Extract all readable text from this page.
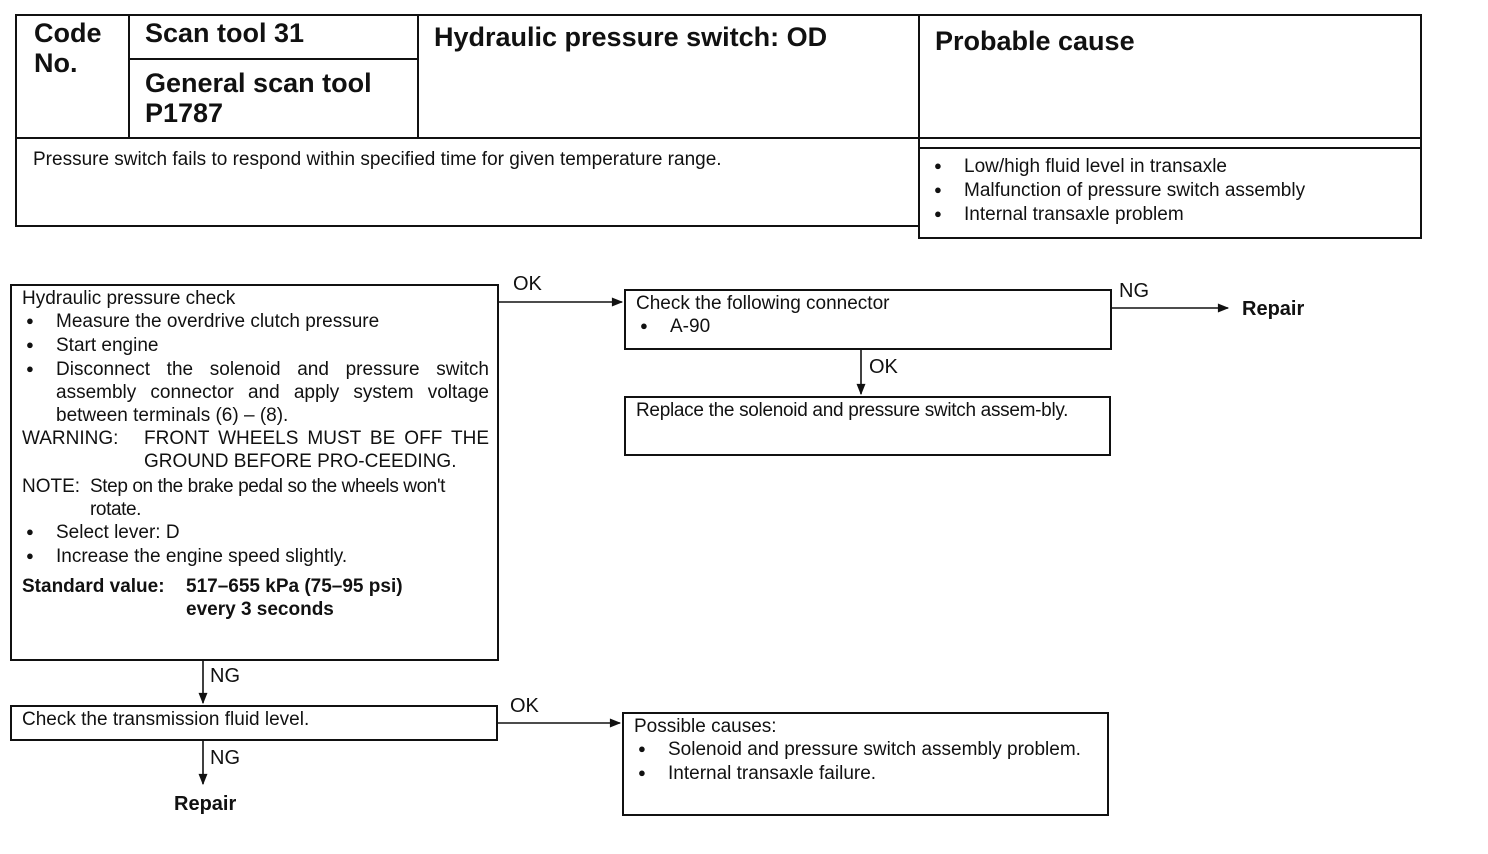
Code
No.
Scan tool 31
General scan tool
P1787
Hydraulic pressure switch: OD	Probable cause
Pressure switch fails to respond within specified time for given temperature range.
●	Low/high fluid level in transaxle
●
Malfunction of pressure switch assembly
●
Internal transaxle problem
Hydraulic pressure check
●
Measure the overdrive clutch pressure
●
Start engine
●
Disconnect the solenoid and pressure switch assembly connector and apply system voltage between terminals (6) – (8).
WARNING:	FRONT WHEELS MUST BE OFF THE GROUND BEFORE PRO-CEEDING.
NOTE: Step on the brake pedal so the wheels won't rotate.
●
Select lever: D
●
Increase the engine speed slightly.
Standard value:	517–655 kPa (75–95 psi)
every 3 seconds
Check the following connector
●
A-90
Replace the solenoid and pressure switch assem-bly.
Check the transmission fluid level.	Possible causes:
●
Solenoid and pressure switch assembly problem.
●
Internal transaxle failure.
OK	NG
Repair
OK
NG
OK
NG
Repair
